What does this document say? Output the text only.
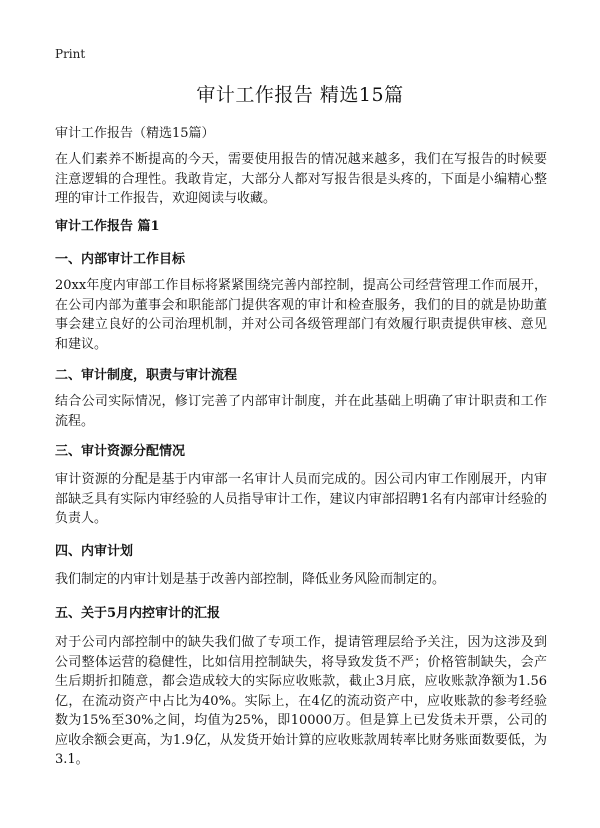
Print
审计工作报告 精选15篇

审计工作报告（精选15篇）

在人们素养不断提高的今天，需要使用报告的情况越来越多，我们在写报告的时候要注意逻辑的合理性。我敢肯定，大部分人都对写报告很是头疼的，下面是小编精心整理的审计工作报告，欢迎阅读与收藏。

审计工作报告 篇1

一、内部审计工作目标

20xx年度内审部工作目标将紧紧围绕完善内部控制，提高公司经营管理工作而展开，在公司内部为董事会和职能部门提供客观的审计和检查服务，我们的目的就是协助董事会建立良好的公司治理机制，并对公司各级管理部门有效履行职责提供审核、意见和建议。

二、审计制度，职责与审计流程

结合公司实际情况，修订完善了内部审计制度，并在此基础上明确了审计职责和工作流程。

三、审计资源分配情况

审计资源的分配是基于内审部一名审计人员而完成的。因公司内审工作刚展开，内审部缺乏具有实际内审经验的人员指导审计工作，建议内审部招聘1名有内部审计经验的负责人。

四、内审计划

我们制定的内审计划是基于改善内部控制，降低业务风险而制定的。

五、关于5月内控审计的汇报

对于公司内部控制中的缺失我们做了专项工作，提请管理层给予关注，因为这涉及到公司整体运营的稳健性，比如信用控制缺失，将导致发货不严；价格管制缺失，会产生后期折扣随意，都会造成较大的实际应收账款，截止3月底，应收账款净额为1.56亿，在流动资产中占比为40%。实际上，在4亿的流动资产中，应收账款的参考经验数为15%至30%之间，均值为25%，即10000万。但是算上已发货未开票，公司的应收余额会更高，为1.9亿，从发货开始计算的应收账款周转率比财务账面数要低，为3.1。
